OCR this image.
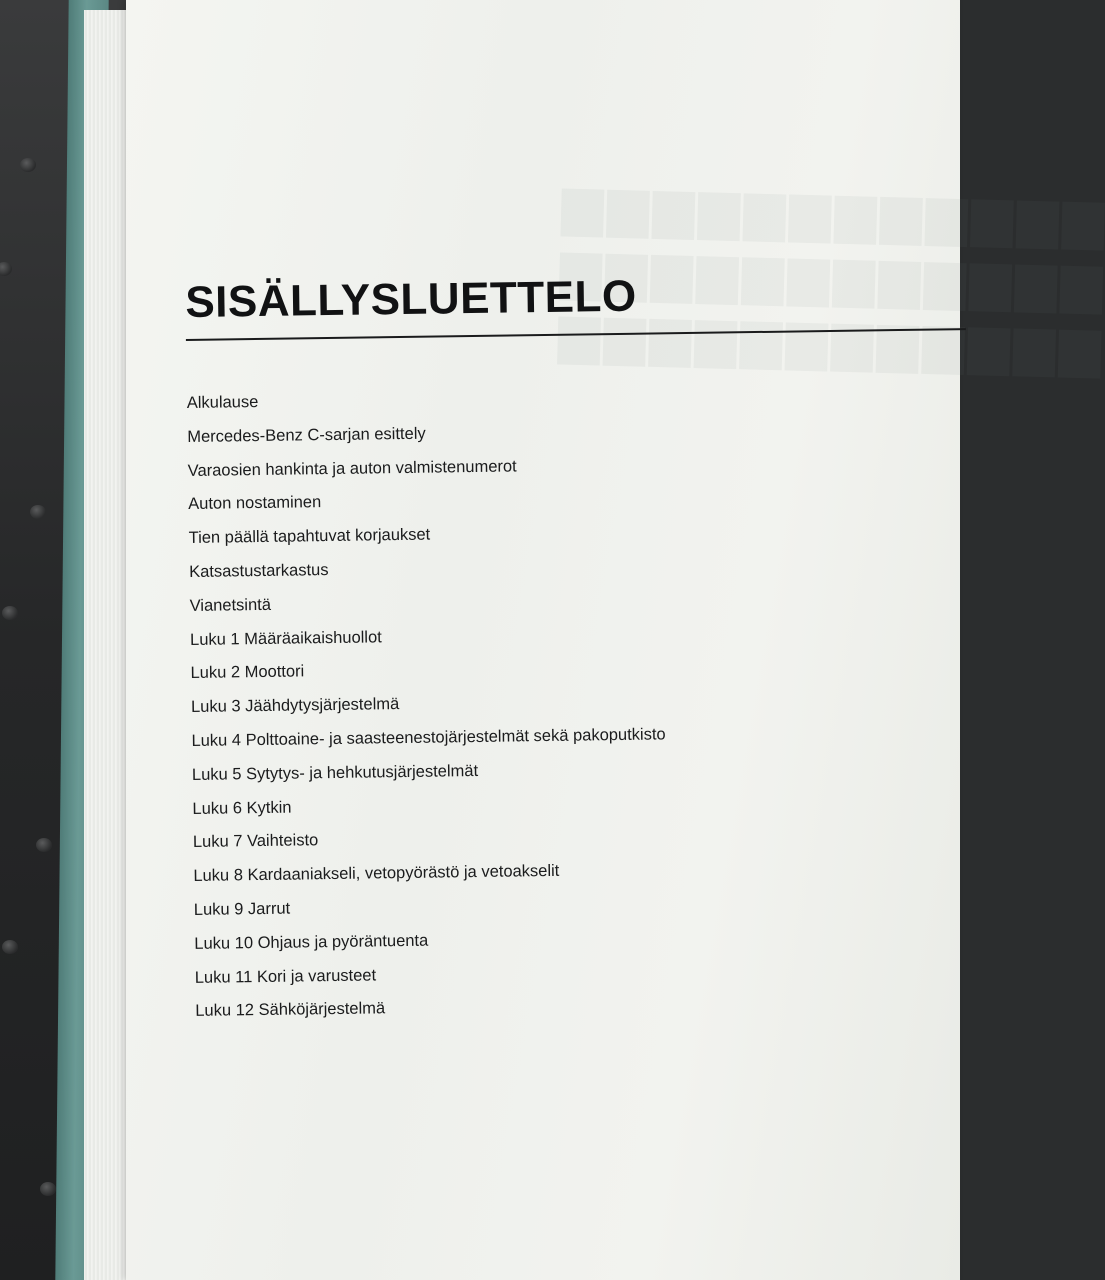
▆▆▆▆▆▆▆▆▆▆▆▆
▆▆▆▆▆▆▆▆▆▆▆▆
▆▆▆▆▆▆▆▆▆▆▆▆
SISÄLLYSLUETTELO
Alkulause
Mercedes-Benz C-sarjan esittely
Varaosien hankinta ja auton valmistenumerot
Auton nostaminen
Tien päällä tapahtuvat korjaukset
Katsastustarkastus
Vianetsintä
Luku 1 Määräaikaishuollot
Luku 2 Moottori
Luku 3 Jäähdytysjärjestelmä
Luku 4 Polttoaine- ja saasteenestojärjestelmät sekä pakoputkisto
Luku 5 Sytytys- ja hehkutusjärjestelmät
Luku 6 Kytkin
Luku 7 Vaihteisto
Luku 8 Kardaaniakseli, vetopyörästö ja vetoakselit
Luku 9 Jarrut
Luku 10 Ohjaus ja pyöräntuenta
Luku 11 Kori ja varusteet
Luku 12 Sähköjärjestelmä
